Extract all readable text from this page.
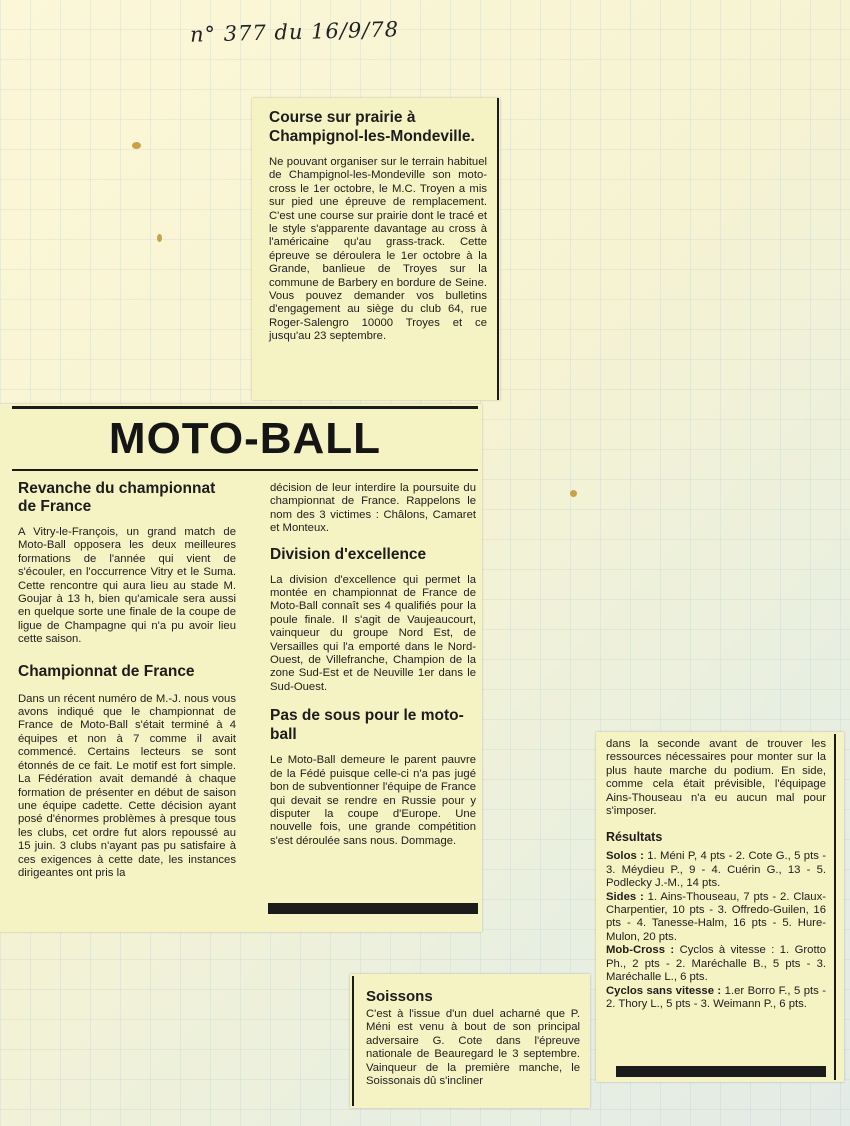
n° 377 du 16/9/78

Course sur prairie à Champignol-les-Mondeville.

Ne pouvant organiser sur le terrain habituel de Champignol-les-Mondeville son moto-cross le 1er octobre, le M.C. Troyen a mis sur pied une épreuve de remplacement. C'est une course sur prairie dont le tracé et le style s'apparente davantage au cross à l'américaine qu'au grass-track. Cette épreuve se déroulera le 1er octobre à la Grande, banlieue de Troyes sur la commune de Barbery en bordure de Seine. Vous pouvez demander vos bulletins d'engagement au siège du club 64, rue Roger-Salengro 10000 Troyes et ce jusqu'au 23 septembre.

MOTO-BALL

Revanche du championnat de France

A Vitry-le-François, un grand match de Moto-Ball opposera les deux meilleures formations de l'année qui vient de s'écouler, en l'occurrence Vitry et le Suma. Cette rencontre qui aura lieu au stade M. Goujar à 13 h, bien qu'amicale sera aussi en quelque sorte une finale de la coupe de ligue de Champagne qui n'a pu avoir lieu cette saison.

Championnat de France

Dans un récent numéro de M.-J. nous vous avons indiqué que le championnat de France de Moto-Ball s'était terminé à 4 équipes et non à 7 comme il avait commencé. Certains lecteurs se sont étonnés de ce fait. Le motif est fort simple. La Fédération avait demandé à chaque formation de présenter en début de saison une équipe cadette. Cette décision ayant posé d'énormes problèmes à presque tous les clubs, cet ordre fut alors repoussé au 15 juin. 3 clubs n'ayant pas pu satisfaire à ces exigences à cette date, les instances dirigeantes ont pris la

décision de leur interdire la poursuite du championnat de France. Rappelons le nom des 3 victimes : Châlons, Camaret et Monteux.

Division d'excellence

La division d'excellence qui permet la montée en championnat de France de Moto-Ball connaît ses 4 qualifiés pour la poule finale. Il s'agit de Vaujeaucourt, vainqueur du groupe Nord Est, de Versailles qui l'a emporté dans le Nord-Ouest, de Villefranche, Champion de la zone Sud-Est et de Neuville 1er dans le Sud-Ouest.

Pas de sous pour le moto-ball

Le Moto-Ball demeure le parent pauvre de la Fédé puisque celle-ci n'a pas jugé bon de subventionner l'équipe de France qui devait se rendre en Russie pour y disputer la coupe d'Europe. Une nouvelle fois, une grande compétition s'est déroulée sans nous. Dommage.

Soissons

C'est à l'issue d'un duel acharné que P. Méni est venu à bout de son principal adversaire G. Cote dans l'épreuve nationale de Beauregard le 3 septembre. Vainqueur de la première manche, le Soissonais dû s'incliner

dans la seconde avant de trouver les ressources nécessaires pour monter sur la plus haute marche du podium. En side, comme cela était prévisible, l'équipage Ains-Thouseau n'a eu aucun mal pour s'imposer.

Résultats

Solos : 1. Méni P, 4 pts - 2. Cote G., 5 pts - 3. Méydieu P., 9 - 4. Cuérin G., 13 - 5. Podlecky J.-M., 14 pts.

Sides : 1. Ains-Thouseau, 7 pts - 2. Claux-Charpentier, 10 pts - 3. Offredo-Guilen, 16 pts - 4. Tanesse-Halm, 16 pts - 5. Hure-Mulon, 20 pts.

Mob-Cross : Cyclos à vitesse : 1. Grotto Ph., 2 pts - 2. Maréchalle B., 5 pts - 3. Maréchalle L., 6 pts.

Cyclos sans vitesse : 1.er Borro F., 5 pts - 2. Thory L., 5 pts - 3. Weimann P., 6 pts.
